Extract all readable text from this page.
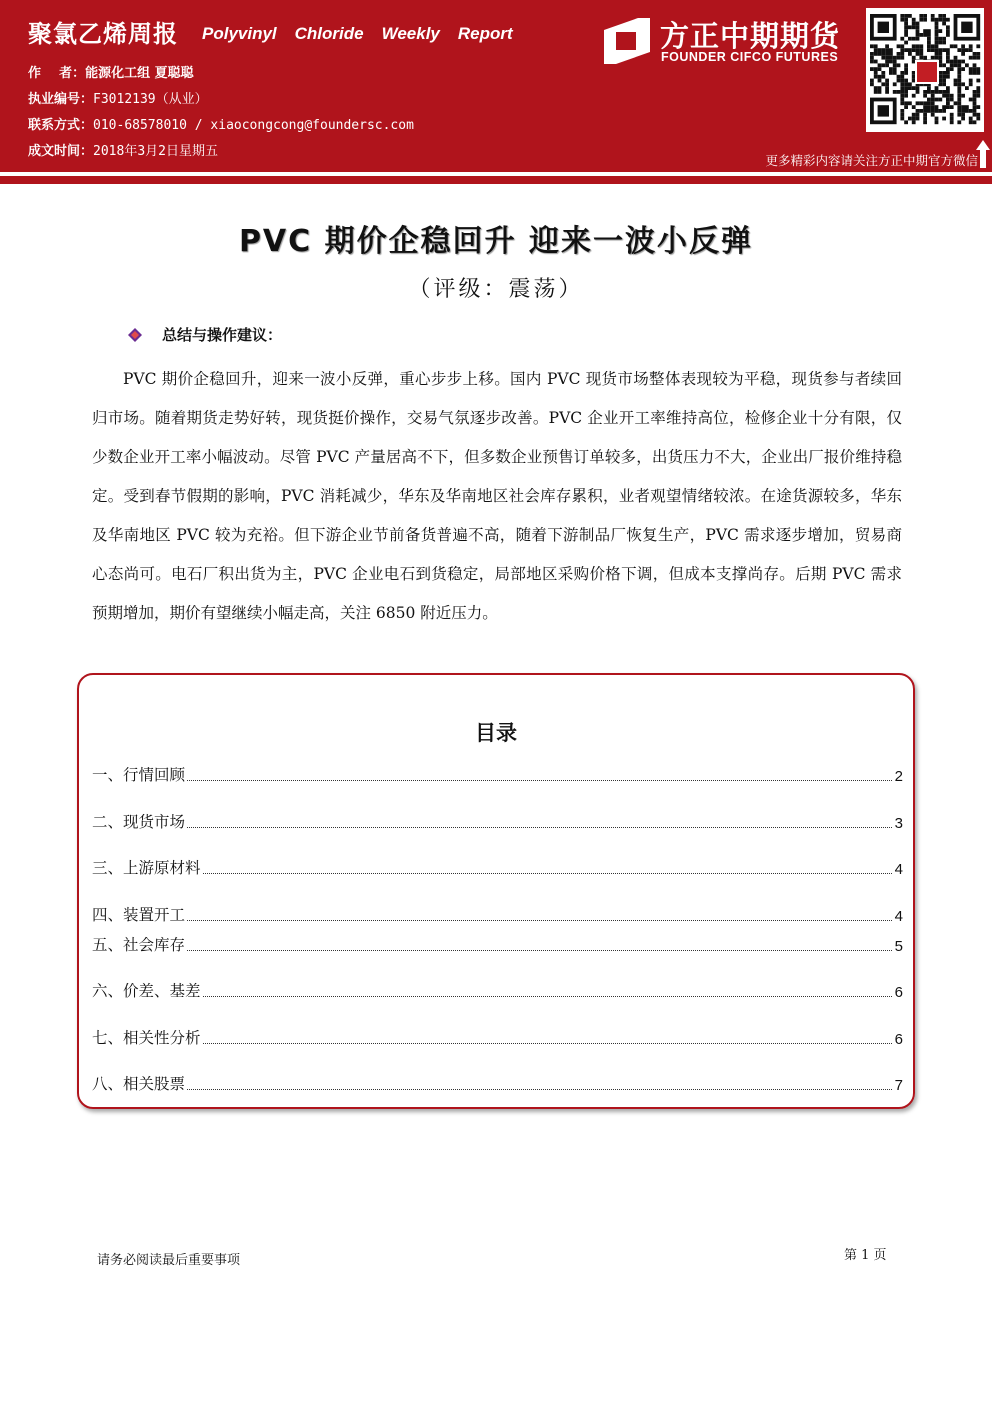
聚氯乙烯周报 Polyvinyl Chloride Weekly Report
作    者：能源化工组 夏聪聪
执业编号：F3012139（从业）
联系方式：010-68578010 / xiaocongcong@foundersc.com
成文时间：2018年3月2日星期五
方正中期期货
FOUNDER CIFCO FUTURES
更多精彩内容请关注方正中期官方微信
PVC 期价企稳回升 迎来一波小反弹
（评级：震荡）
总结与操作建议：
PVC 期价企稳回升，迎来一波小反弹，重心步步上移。国内 PVC 现货市场整体表现较为平稳，现货参与者续回归市场。随着期货走势好转，现货挺价操作，交易气氛逐步改善。PVC 企业开工率维持高位，检修企业十分有限，仅少数企业开工率小幅波动。尽管 PVC 产量居高不下，但多数企业预售订单较多，出货压力不大，企业出厂报价维持稳定。受到春节假期的影响，PVC 消耗减少，华东及华南地区社会库存累积，业者观望情绪较浓。在途货源较多，华东及华南地区 PVC 较为充裕。但下游企业节前备货普遍不高，随着下游制品厂恢复生产，PVC 需求逐步增加，贸易商心态尚可。电石厂积出货为主，PVC 企业电石到货稳定，局部地区采购价格下调，但成本支撑尚存。后期 PVC 需求预期增加，期价有望继续小幅走高，关注 6850 附近压力。
目录
一、行情回顾	2
二、现货市场	3
三、上游原材料	4
四、装置开工	4
五、社会库存	5
六、价差、基差	6
七、相关性分析	6
八、相关股票	7
请务必阅读最后重要事项	第 1 页
